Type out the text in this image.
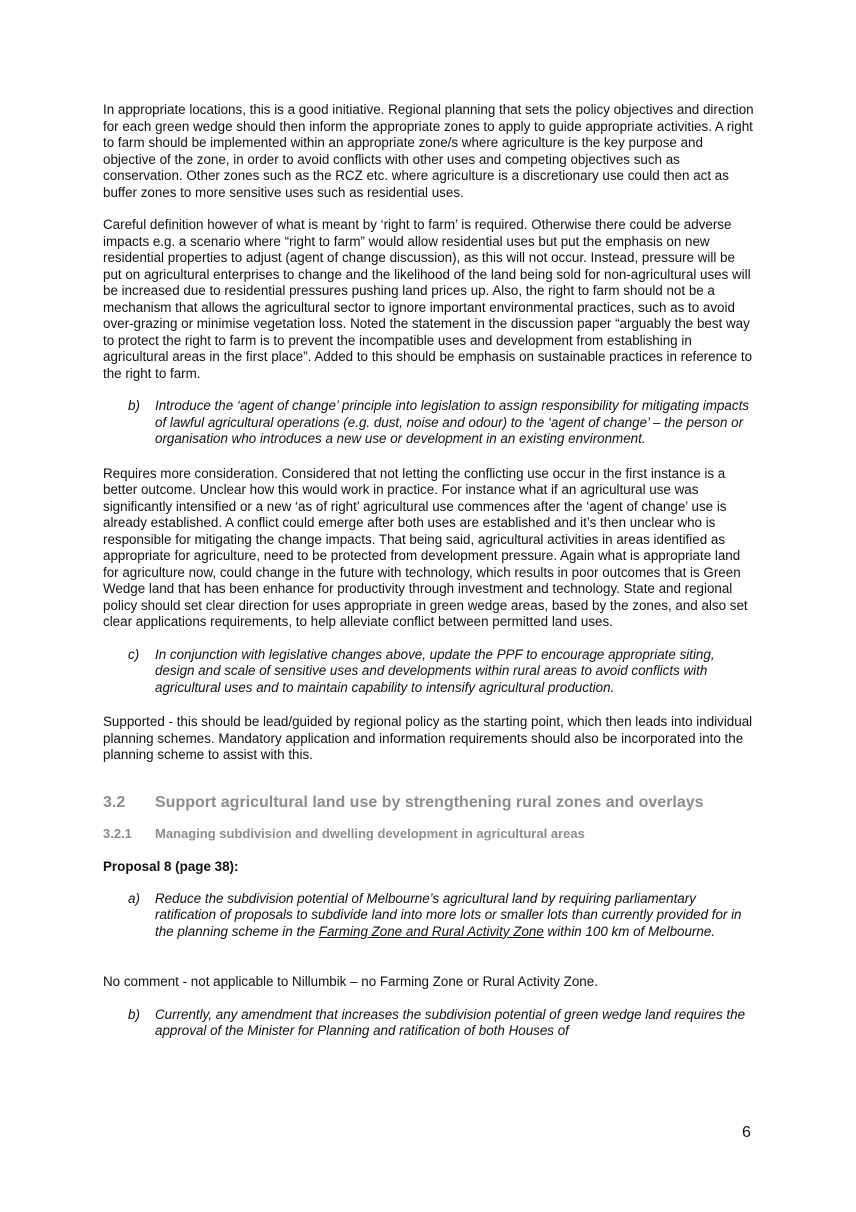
In appropriate locations, this is a good initiative. Regional planning that sets the policy objectives and direction for each green wedge should then inform the appropriate zones to apply to guide appropriate activities. A right to farm should be implemented within an appropriate zone/s where agriculture is the key purpose and objective of the zone, in order to avoid conflicts with other uses and competing objectives such as conservation. Other zones such as the RCZ etc. where agriculture is a discretionary use could then act as buffer zones to more sensitive uses such as residential uses.

Careful definition however of what is meant by ‘right to farm’ is required. Otherwise there could be adverse impacts e.g. a scenario where “right to farm” would allow residential uses but put the emphasis on new residential properties to adjust (agent of change discussion), as this will not occur. Instead, pressure will be put on agricultural enterprises to change and the likelihood of the land being sold for non-agricultural uses will be increased due to residential pressures pushing land prices up. Also, the right to farm should not be a mechanism that allows the agricultural sector to ignore important environmental practices, such as to avoid over-grazing or minimise vegetation loss. Noted the statement in the discussion paper “arguably the best way to protect the right to farm is to prevent the incompatible uses and development from establishing in agricultural areas in the first place”. Added to this should be emphasis on sustainable practices in reference to the right to farm.

b) Introduce the ‘agent of change’ principle into legislation to assign responsibility for mitigating impacts of lawful agricultural operations (e.g. dust, noise and odour) to the ‘agent of change’ – the person or organisation who introduces a new use or development in an existing environment.

Requires more consideration. Considered that not letting the conflicting use occur in the first instance is a better outcome. Unclear how this would work in practice. For instance what if an agricultural use was significantly intensified or a new ‘as of right’ agricultural use commences after the ‘agent of change’ use is already established. A conflict could emerge after both uses are established and it’s then unclear who is responsible for mitigating the change impacts. That being said, agricultural activities in areas identified as appropriate for agriculture, need to be protected from development pressure. Again what is appropriate land for agriculture now, could change in the future with technology, which results in poor outcomes that is Green Wedge land that has been enhance for productivity through investment and technology. State and regional policy should set clear direction for uses appropriate in green wedge areas, based by the zones, and also set clear applications requirements, to help alleviate conflict between permitted land uses.

c) In conjunction with legislative changes above, update the PPF to encourage appropriate siting, design and scale of sensitive uses and developments within rural areas to avoid conflicts with agricultural uses and to maintain capability to intensify agricultural production.

Supported - this should be lead/guided by regional policy as the starting point, which then leads into individual planning schemes. Mandatory application and information requirements should also be incorporated into the planning scheme to assist with this.

3.2	Support agricultural land use by strengthening rural zones and overlays
3.2.1	Managing subdivision and dwelling development in agricultural areas
Proposal 8 (page 38):
a) Reduce the subdivision potential of Melbourne’s agricultural land by requiring parliamentary ratification of proposals to subdivide land into more lots or smaller lots than currently provided for in the planning scheme in the Farming Zone and Rural Activity Zone within 100 km of Melbourne.

No comment - not applicable to Nillumbik – no Farming Zone or Rural Activity Zone.

b) Currently, any amendment that increases the subdivision potential of green wedge land requires the approval of the Minister for Planning and ratification of both Houses of
6
